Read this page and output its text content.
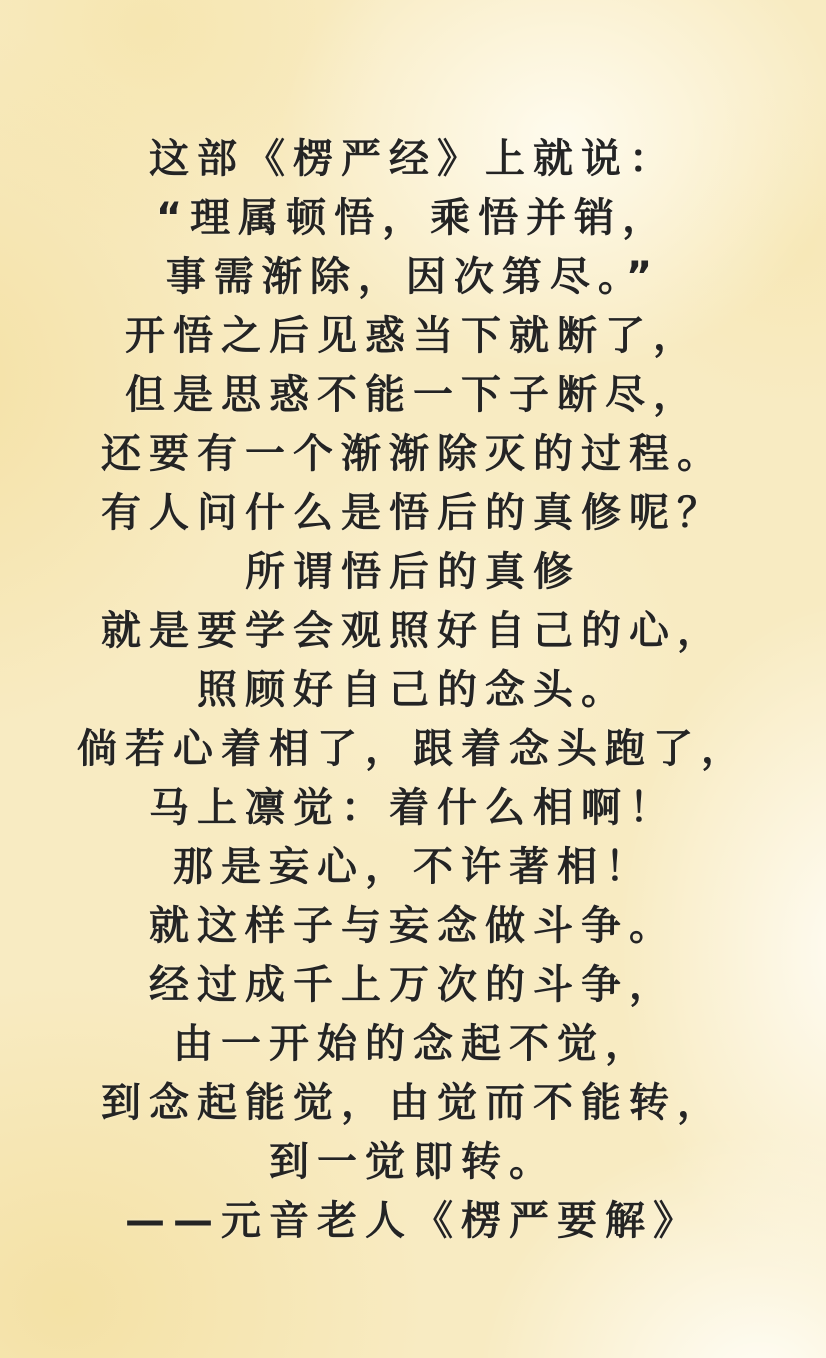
这部《楞严经》上就说：
“理属顿悟，乘悟并销，
事需渐除，因次第尽。”
开悟之后见惑当下就断了，
但是思惑不能一下子断尽，
还要有一个渐渐除灭的过程。
有人问什么是悟后的真修呢？
所谓悟后的真修
就是要学会观照好自己的心，
照顾好自己的念头。
倘若心着相了，跟着念头跑了，
马上凛觉：着什么相啊！
那是妄心，不许著相！
就这样子与妄念做斗争。
经过成千上万次的斗争，
由一开始的念起不觉，
到念起能觉，由觉而不能转，
到一觉即转。
——元音老人《楞严要解》
